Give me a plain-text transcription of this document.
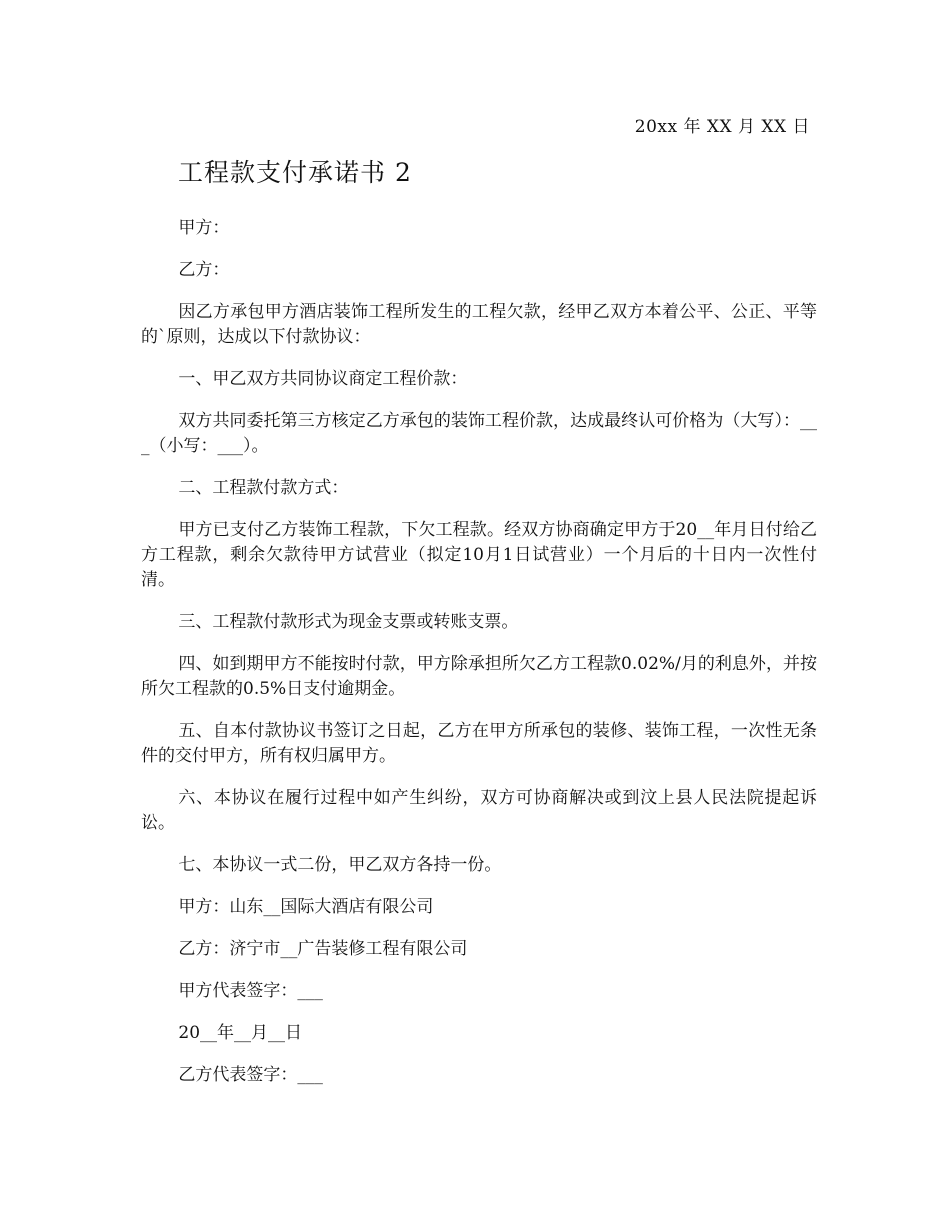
20xx 年 XX 月 XX 日
工程款支付承诺书 2

甲方：

乙方：

因乙方承包甲方酒店装饰工程所发生的工程欠款，经甲乙双方本着公平、公正、平等的`原则，达成以下付款协议：

一、甲乙双方共同协议商定工程价款：

双方共同委托第三方核定乙方承包的装饰工程价款，达成最终认可价格为（大写）：___（小写：___）。

二、工程款付款方式：

甲方已支付乙方装饰工程款，下欠工程款。经双方协商确定甲方于20__年月日付给乙方工程款，剩余欠款待甲方试营业（拟定10月1日试营业）一个月后的十日内一次性付清。

三、工程款付款形式为现金支票或转账支票。

四、如到期甲方不能按时付款，甲方除承担所欠乙方工程款0.02%/月的利息外，并按所欠工程款的0.5%日支付逾期金。

五、自本付款协议书签订之日起，乙方在甲方所承包的装修、装饰工程，一次性无条件的交付甲方，所有权归属甲方。

六、本协议在履行过程中如产生纠纷，双方可协商解决或到汶上县人民法院提起诉讼。

七、本协议一式二份，甲乙双方各持一份。

甲方：山东__国际大酒店有限公司

乙方：济宁市__广告装修工程有限公司

甲方代表签字：___

20__年__月__日

乙方代表签字：___
